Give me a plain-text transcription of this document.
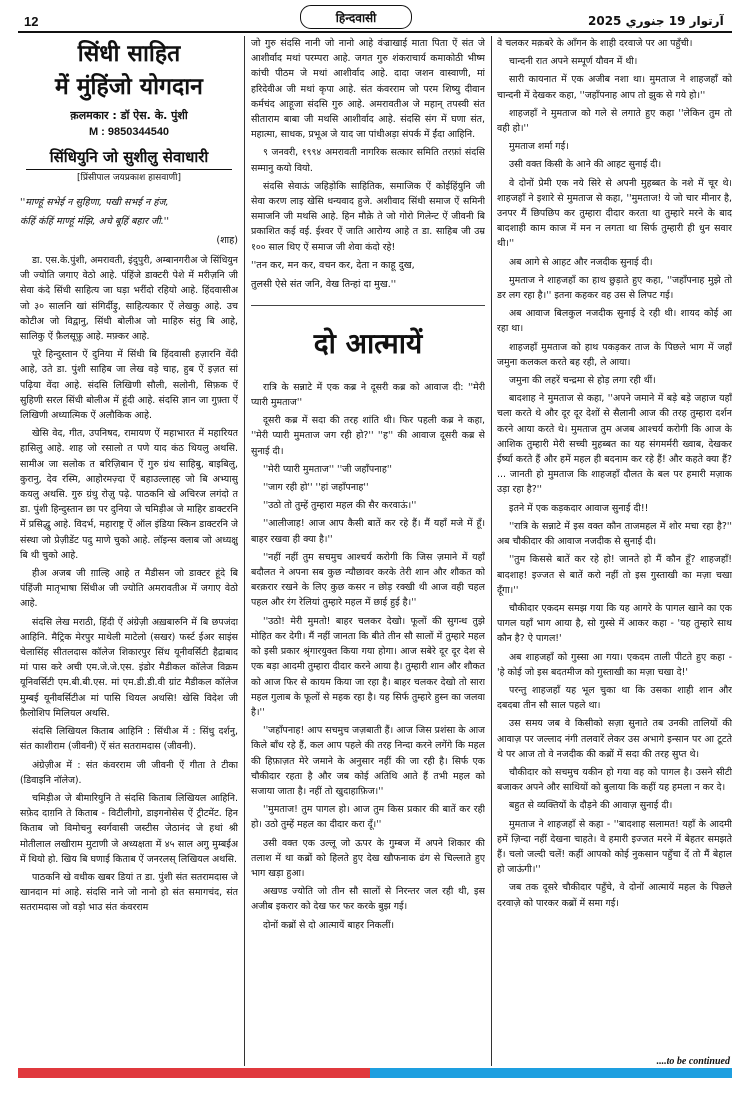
12	हिन्दवासी	آرتوار 19 جنوري 2025
सिंधी साहित
में मुंहिंजो योगदान
क़लमकार : डॉ ऐस. के. पुंशी
M : 9850344540
सिंधियुनि जो सुशीलु सेवाधारी
[प्रिंसीपाल जयप्रकाश हासवाणी]

''माण्हूं सभेई न सुहिणा, पखी सभई न हंज,

कंहिं कंहिं माण्हूं मंझि, अचे बूहिं बहार जी.''

(शाह)

डा. एस.के.पुंशी, अमरावती, इंदुपुरी, अम्बानगरीअ जे सिंधियुन जी ज्योति जगाए वेठो आहे. पंहिंजे डाक्टरी पेशे में मरीज़नि जी सेवा कंदे सिंधी साहित्य जा घड़ा भरींदो रहियो आहे. हिंदवासीअ जो ३० सालनि खां संगिर्दीड़ु, साहित्यकार ऐं लेखकु आहे. उच कोटीअ जो विद्वानु, सिंधी बोलीअ जो माहिरु संतु बि आहे, सालिकु ऐं फ़ैलसूफ़ु आहे. मफ़्कर आहे.

पूरे हिन्दुस्तान ऐं दुनिया में सिंधी बि हिंदवासी हज़ारनि वेंदी आहे, उते डा. पुंशी साहिब जा लेख वड़े चाह, हुब ऐं इज़त सां पढ़िया वेंदा आहे. संदसि लिखिणी सौली, सलोनी, सिफ़क ऐं सुहिणी सरल सिंधी बोलीअ में हूंदी आहे. संदसि ज्ञान जा गुफ़्ता ऐं लिखिणी अध्यात्मिक ऐं अलौकिक आहे.

खेसि वेद, गीत, उपनिषद, रामायण ऐं महाभारत में महारियत हासिलु आहे. शाह जो रसालो त पणे याद कंठ थियलु अथसि. सामीअ जा सलोक त बरिज़िबान ऐं गुरु ग्रंथ साहिबु, बाइबिलु, कुरानु, देव रस्मि, आहोरमज़्दा ऐं बहाउल्लाह्ह जो बि अभ्यासु कयलु अथसि. गुरु ग्रंथु रोज़ु पढ़े. पाठकनि खे अचिरज लगंदो त डा. पुंशी हिन्दुस्तान छा पर दुनिया जे चमिड़ीअ जे माहिर डाक्टरनि में प्रसिद्धु आहे. विदर्भ, महाराष्ट्र ऐं ऑल इंडिया स्किन डाक्टरनि जे संस्था जो प्रेज़ीडेंट पदु माणे चुको आहे. लॉइन्स क्लाब जो अध्यक्षु बि थी चुको आहे.

हीअ अजब जी ग़ाल्हि आहे त मैडीसन जो डाक्टर हूंदे बि पंहिंजी मातृभाषा सिंधीअ जी ज्योति अमरावतीअ में जगाए वेठो आहे.

संदसि लेख मराठी, हिंदी ऐं अंग्रेज़ी अख़बारुनि में बि छपजंदा आहिनि. मैट्रिक मेरपुर माथेली माटेलो (सखर) फर्स्ट ईअर साइंस चेलासिंह सीतलदास कॉलेज शिकारपुर सिंध यूनीवर्सिटी हैद्राबाद मां पास करे अची एम.जे.जे.एस. इंडोर मैडीकल कॉलेज विक्रम यूनिवर्सिटी एम.बी.बी.एस. मां एम.डी.डी.वी ग्रांट मैडीकल कॉलेज मुम्बई यूनीवर्सिटीअ मां पासि थियल अथसि! खेसि विदेश जी फ़ैलोशिप मिलियल अथसि.

संदसि लिखियल किताब आहिनि : सिंधीअ में : सिंधु दर्शनु, संत काशीराम (जीवनी) ऐं संत सतरामदास (जीवनी).

अंग्रेज़ीअ में : संत कंवरराम जी जीवनी ऐं गीता ते टीका (डिवाइनि नॉलेज).

चमिड़ीअ जे बीमारियुनि ते संदसि किताब लिखियल आहिनि. सफ़ेद दाग़नि ते किताब - विटीलीगो, डाइगनोसेस ऐं ट्रीटमेंट. हिन किताब जो विमोचनु स्वर्गवासी जस्टीस जेठानंद जे हथां श्री मोतीलाल लखीराम मुटाणी जे अध्यक्षता में ४५ साल अगु मुम्बईअ में थियो हो. खिय बि घणाई किताब ऐं जनरलस् लिखियल अथसि.

पाठकनि खे वधीक खबर डियां त डा. पुंशी संत सतरामदास जे खानदान मां आहे. संदसि नाने जो नानो हो संत समागचंद, संत सतरामदास जो वड़ो भाउ संत कंवरराम

जो गुरु संदसि नानी जो नानो आहे वंज्राखाई माता पिता ऐं संत जे आशीर्वाद मथां परम्परा आहे. जगत गुरु शंकराचार्य कमाकोठी भीष्म कांची पीठम जे मथां आशीर्वाद आहे. दादा जशन वास्वाणी, मां हरिदेवीअ जी मथां कृपा आहे. संत कंवरराम जो परम शिष्यु दीवान कर्मचंद आहूजा संदसि गुरु आहे. अमरावतीअ जे महान् तपस्वी संत सीताराम बाबा जी मथसि आशीर्वाद आहे. संदसि संग में घणा संत, महात्मा, साधक, प्रभूअ जे याद जा पांधीअड़ा संपर्क में ईंदा आहिनि.

९ जनवरी, १९९४ अमरावती नागरिक सत्कार समिति तरफ़ां संदसि सम्मानु कयो वियो.

संदसि सेवाऊं जहिड़ोकि साहितिक, समाजिक ऐं कोईहिंयुनि जी सेवा करण लाइ खेसि धन्यवाद हुजे. अशीवाद सिंधी समाज ऐं समिनी समाजनि जी मथसि आहे. हिन मौक़े ते जो गोरो गिलेन्ट ऐं जीवनी बि प्रकाशित कई वई. ईश्वर ऐं जाति आरोग्य आहे त डा. साहिब जी उम्र १०० साल थिए ऐं समाज जी शेवा कंदो रहे!

''तन कर, मन कर, वचन कर, देता न काहू दुख,

तुलसी ऐसे संत जनि, वेख तिन्हां दा मुख.''

दो आत्मायें

रात्रि के सन्नाटे में एक कब्र ने दूसरी कब्र को आवाज दी: ''मेरी प्यारी मुमताज''

दूसरी कब्र में सदा की तरह शांति थी। फिर पहली कब्र ने कहा, ''मेरी प्यारी मुमताज जग रही हो?'' ''ह'' की आवाज दूसरी कब्र से सुनाई दी।

''मेरी प्यारी मुमताज'' ''जी जहाँपनाह''

''जाग रही हो'' ''हां जहाँपनाह''

''उठो तो तुम्हें तुम्हारा महल की सैर करवाऊं।''

''आलीजाह! आज आप कैसी बातें कर रहे हैं। मैं यहाँ मजे में हूँ। बाहर रखवा ही क्या है।''

''नहीं नहीं तुम सचमुच आश्चर्य करोगी कि जिस ज़माने में यहाँ बदौलत ने अपना सब कुछ न्यौछावर करके तेरी शान और शौकत को बरक़रार रखने के लिए कुछ कसर न छोड़ रक्खी थी आज वही चहल पहल और रंग रेलियां तुम्हारे महल में छाई हुई है।''

''उठो! मेरी मुमतो! बाहर चलकर देखो। फूलों की सुगन्ध तुझे मोहित कर देगी। मैं नहीं जानता कि बीते तीन सौ सालों में तुम्हारे महल को इसी प्रकार श्रृंगारयुक्त किया गया होगा। आज सबेरे दूर दूर देश से एक बड़ा आदमी तुम्हारा दीदार करने आया है। तुम्हारी शान और शौकत को आज फिर से कायम किया जा रहा है। बाहर चलकर देखो तो सारा महल गुलाब के फूलों से महक रहा है। यह सिर्फ तुम्हारे हुस्न का जलवा है।''

''जहाँपनाह! आप सचमुच जज़बाती हैं। आज जिस प्रशंसा के आज किले बाँध रहे हैं, कल आप पहले की तरह निन्दा करने लगेंगे कि महल की हिफ़ाज़त मेरे जमाने के अनुसार नहीं की जा रही है। सिर्फ एक चौकीदार रहता है और जब कोई अतिथि आते हैं तभी महल को सजाया जाता है। नहीं तो खुदाहाफ़िज।''

''मुमताज! तुम पागल हो। आज तुम किस प्रकार की बातें कर रही हो। उठो तुम्हें महल का दीदार करा दूँ।''

उसी वक्त एक उल्लू जो ऊपर के गुम्बज में अपने शिकार की तलाश में था कब्रों को हिलते हुए देख खौफनाक ढंग से चिल्लाते हुए भाग खड़ा हुआ।

अखण्ड ज्योति जो तीन सौ सालों से निरन्तर जल रही थी, इस अजीब इकरार को देख फर फर करके बुझ गई।

दोनों कब्रों से दो आत्मायें बाहर निकलीं।

वे चलकर मक़बरे के आँगन के शाही दरवाजे पर आ पहुँची।

चान्दनी रात अपने सम्पूर्ण यौवन में थी।

सारी कायनात में एक अजीब नशा था। मुमताज ने शाहजहाँ को चान्दनी में देखकर कहा, ''जहाँपनाह आप तो झुक से गये हो।''

शाहजहाँ ने मुमताज को गले से लगाते हुए कहा ''लेकिन तुम तो वही हो।''

मुमताज शर्मा गई।

उसी वक्त किसी के आने की आहट सुनाई दी।

वे दोनों प्रेमी एक नये सिरे से अपनी मुहब्बत के नशे में चूर थे। शाहजहाँ ने इशारे से मुमताज से कहा, ''मुमताज! ये जो चार मीनार है, उनपर मैं छिपछिप कर तुम्हारा दीदार करता था तुम्हारे मरने के बाद बादशाही काम काज में मन न लगता था सिर्फ तुम्हारी ही धुन सवार थी।''

अब आगे से आहट और नजदीक सुनाई दी।

मुमताज ने शाहजहाँ का हाथ छुड़ाते हुए कहा, ''जहाँपनाह मुझे तो डर लग रहा है।'' इतना कहकर वह उस से लिपट गई।

अब आवाज बिलकुल नजदीक सुनाई दे रही थी। शायद कोई आ रहा था।

शाहजहाँ मुमताज को हाथ पकड़कर ताज के पिछले भाग में जहाँ जमुना कलकल करते बह रही, ले आया।

जमुना की लहरें चन्द्रमा से होड़ लगा रही थीं।

बादशाह ने मुमताज से कहा, ''अपने जमाने में बड़े बड़े जहाज यहाँ चला करते थे और दूर दूर देशों से सैलानी आज की तरह तुम्हारा दर्शन करने आया करते थे। मुमताज तुम अजब आश्चर्य करोगी कि आज के आशिक तुम्हारी मेरी सच्ची मुहब्बत का यह संगमर्मरी ख्वाब, देखकर ईर्ष्या करते हैं और हमें महल ही बदनाम कर रहे हैं! और कहते क्या हैं? ... जानती हो मुमताज कि शाहजहाँ दौलत के बल पर हमारी मज़ाक उड़ा रहा है?''

इतने में एक कड़कदार आवाज सुनाई दी!!

''रात्रि के सन्नाटे में इस वक्त कौन ताजमहल में शोर मचा रहा है?'' अब चौकीदार की आवाज नजदीक से सुनाई दी।

''तुम किससे बातें कर रहे हो! जानते हो मैं कौन हूँ? शाहजहाँ! बादशाह! इज्जत से बातें करो नहीं तो इस गुस्ताखी का मज़ा चखा दूँगा।''

चौकीदार एकदम समझ गया कि यह आगरे के पागल खाने का एक पागल यहाँ भाग आया है, सो गुस्से में आकर कहा - 'यह तुम्हारे साथ कौन है? ऐ पागल!'

अब शाहजहाँ को गुस्सा आ गया। एकदम ताली पीटते हुए कहा - 'हे कोई जो इस बदतमीज को गुस्ताखी का मज़ा चखा दे!'

परन्तु शाहजहाँ यह भूल चुका था कि उसका शाही शान और दबदबा तीन सौ साल पहले था।

उस समय जब वे किसीको सज़ा सुनाते तब उनकी तालियों की आवाज़ पर जल्लाद नंगी तलवारें लेकर उस अभागे इन्सान पर आ टूटते थे पर आज तो वे नजदीक की कब्रों में सदा की तरह सुप्त थे।

चौकीदार को सचमुच यकीन हो गया वह को पागल है। उसने सीटी बजाकर अपने और साथियों को बुलाया कि कहीं यह हमला न कर दे।

बहुत से व्यक्तियों के दौड़ने की आवाज़ सुनाई दी।

मुमताज ने शाहजहाँ से कहा - ''बादशाह सलामत! यहाँ के आदमी हमें ज़िन्दा नहीं देखना चाहते। वे हमारी इज्जत मरने में बेहतर समझते हैं। चलो जल्दी चलें! कहीं आपको कोई नुकसान पहुँचा दें तो मैं बेहाल हो जाऊंगी।''

जब तक दूसरे चौकीदार पहुँचे, वे दोनों आत्मायें महल के पिछले दरवाज़े को पारकर कब्रों में समा गई।

....to be continued
